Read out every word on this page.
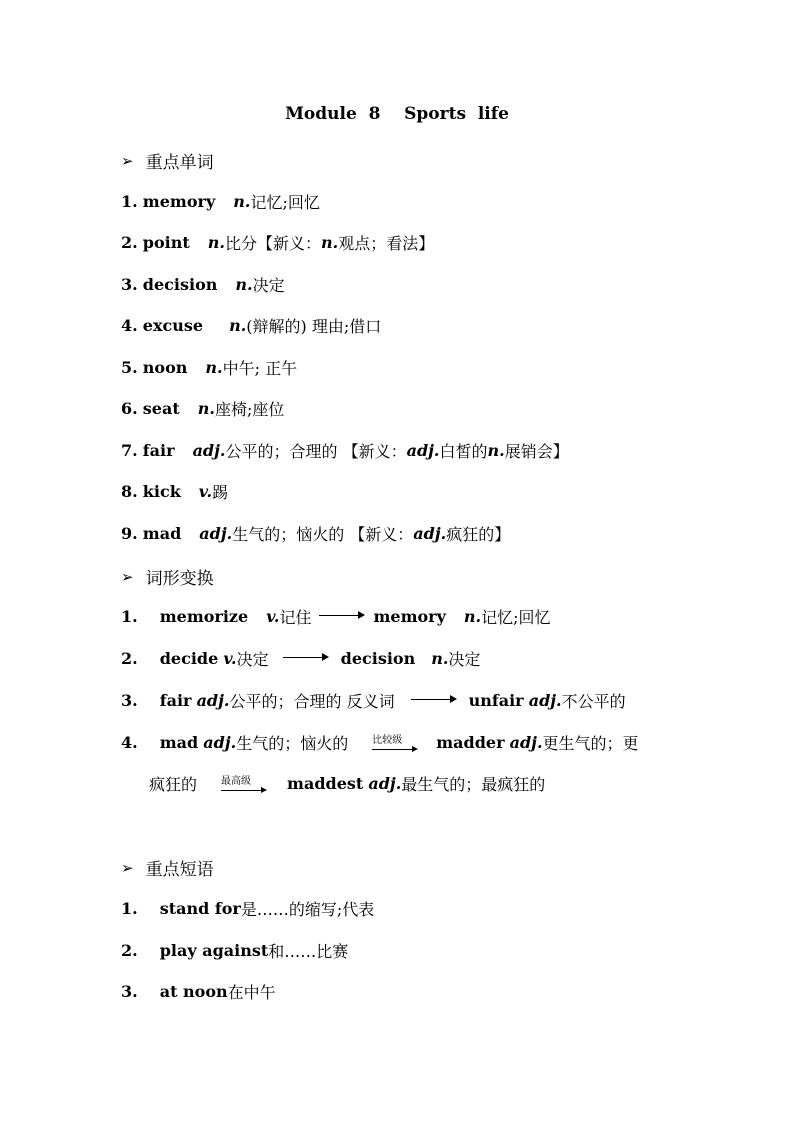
Module  8    Sports  life
➢ 重点单词
1.
memory n. 记忆;回忆
2.
point n. 比分【新义： n. 观点；看法】
3.
decision n. 决定
4.
excuse n. (辩解的) 理由;借口
5.
noon n. 中午; 正午
6.
seat n. 座椅;座位
7.
fair adj. 公平的；合理的 【新义： adj. 白皙的 n. 展销会】
8.
kick v. 踢
9.
mad adj. 生气的；恼火的 【新义： adj. 疯狂的】
➢ 词形变换
1. memorize v. 记住	memory n. 记忆;回忆
2. decide
v. 决定	decision n. 决定
3. fair
adj. 公平的；合理的 反义词	unfair
adj. 不公平的
4. mad
adj. 生气的；恼火的 比较级 madder
adj. 更生气的；更
疯狂的 最高级 maddest
adj. 最生气的；最疯狂的
➢ 重点短语
1. stand for 是……的缩写;代表
2. play against 和……比赛
3. at noon 在中午
